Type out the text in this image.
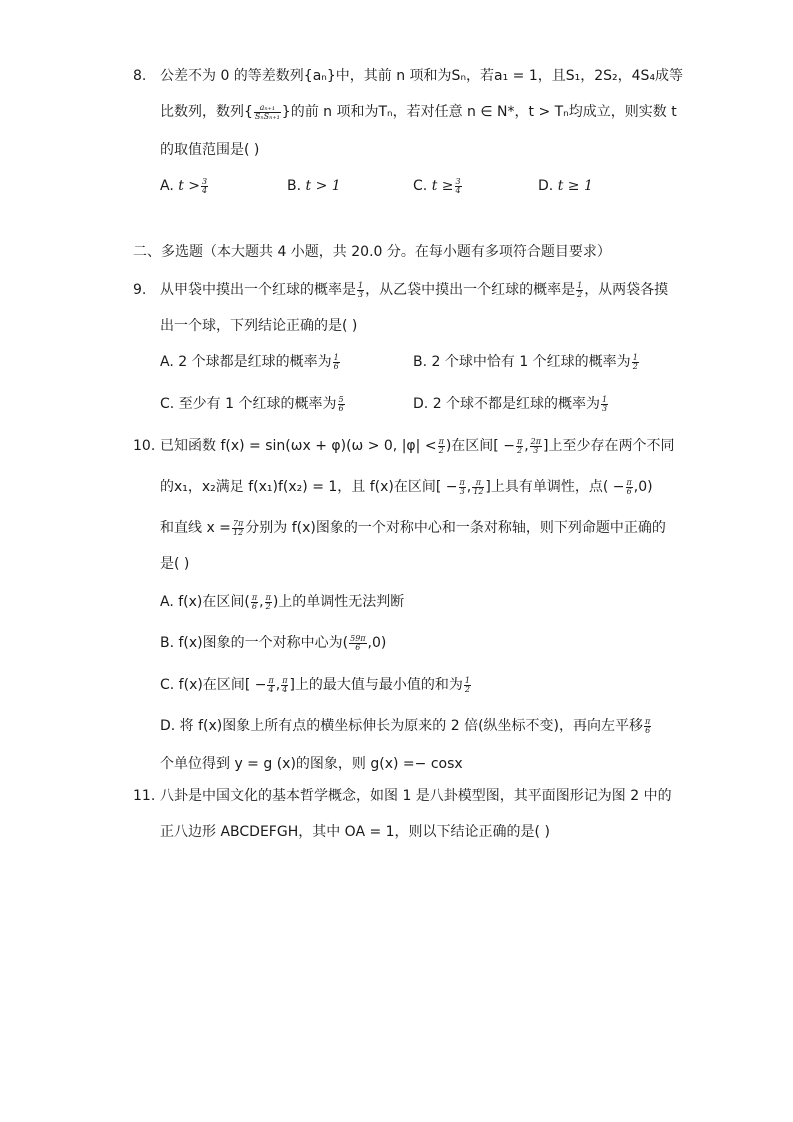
8. 公差不为 0 的等差数列{aₙ}中，其前 n 项和为Sₙ，若a₁ = 1，且S₁，2S₂，4S₄成等
比数列，数列{ $\frac{\text{aₙ₊₁}}{\text{SₙSₙ₊₁}}$ }的前 n 项和为Tₙ，若对任意 n ∈ N*，t > Tₙ均成立，则实数 t
的取值范围是( )
A. $t > \frac{3}{4}$	B. t > 1	C. $t \ge \frac{3}{4}$	D. t ≥ 1
二、多选题（本大题共 4 小题，共 20.0 分。在每小题有多项符合题目要求）
9. 从甲袋中摸出一个红球的概率是 $\frac{1}{3}$ ，从乙袋中摸出一个红球的概率是 $\frac{1}{2}$ ，从两袋各摸
出一个球，下列结论正确的是( )
A. 2 个球都是红球的概率为 $\frac{1}{6}$	B. 2 个球中恰有 1 个红球的概率为 $\frac{1}{2}$
C. 至少有 1 个红球的概率为 $\frac{5}{6}$	D. 2 个球不都是红球的概率为 $\frac{1}{3}$
10. 已知函数 f(x) = sin(ωx + φ)(ω > 0, $|\varphi| < \frac{\pi}{2}$ )在区间[ − $\frac{\pi}{2}$ , $\frac{2\pi}{3}$ ]上至少存在两个不同
的x₁，x₂满足 f(x₁)f(x₂) = 1，且 f(x)在区间[ − $\frac{\pi}{3}$ , $\frac{\pi}{12}$ ]上具有单调性，点( − $\frac{\pi}{6} ,0$)
和直线 $x = \frac{7\pi}{12}$ 分别为 f(x)图象的一个对称中心和一条对称轴，则下列命题中正确的
是( )
A. f(x)在区间( $\frac{\pi}{6}$ , $\frac{\pi}{2}$ )上的单调性无法判断
B. f(x)图象的一个对称中心为( $\frac{59\pi}{6} ,0$)
C. f(x)在区间[ − $\frac{\pi}{4}$ , $\frac{\pi}{4}$ ]上的最大值与最小值的和为 $\frac{1}{2}$
D. 将 f(x)图象上所有点的横坐标伸长为原来的 2 倍(纵坐标不变)，再向左平移 $\frac{\pi}{6}$
个单位得到 y = g (x)的图象，则 g(x) =− cosx
11. 八卦是中国文化的基本哲学概念，如图 1 是八卦模型图，其平面图形记为图 2 中的
正八边形 ABCDEFGH，其中 OA = 1，则以下结论正确的是( )
